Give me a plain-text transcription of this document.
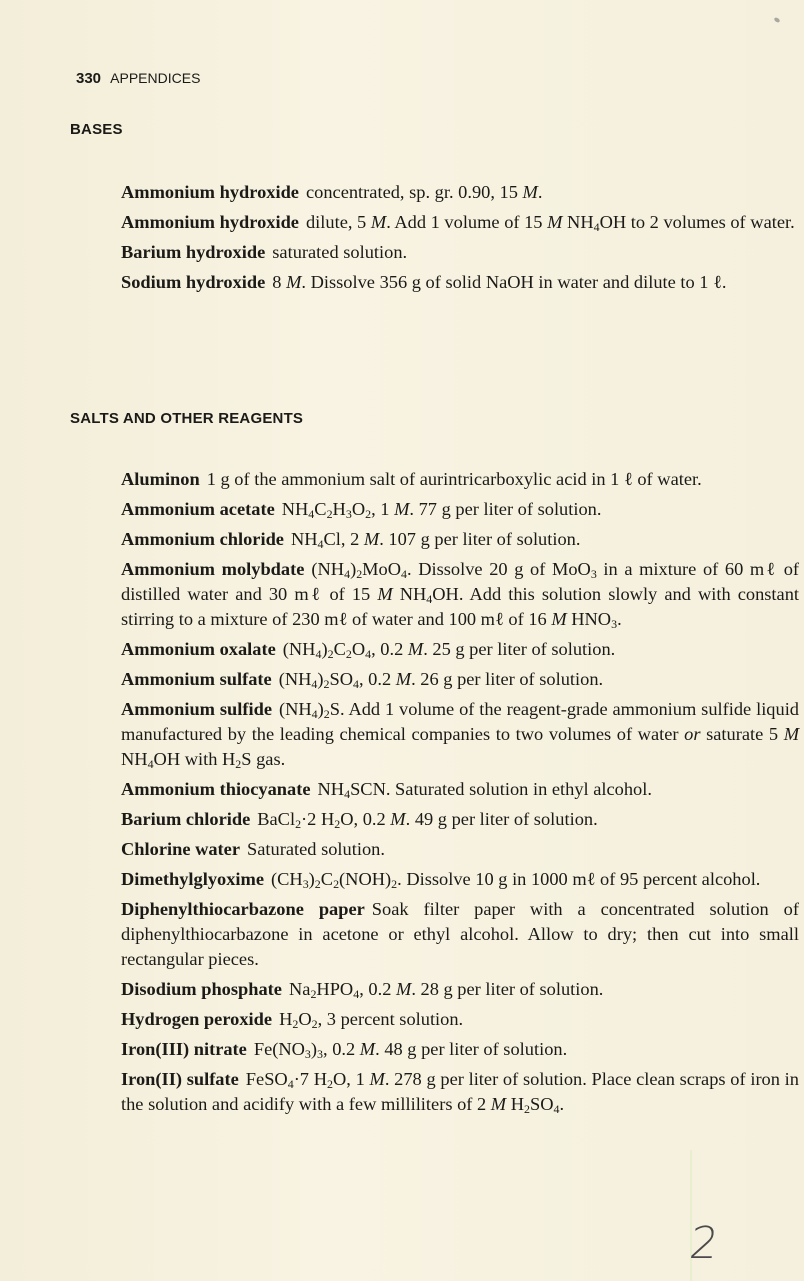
330 APPENDICES
BASES

Ammonium hydroxide concentrated, sp. gr. 0.90, 15 M.

Ammonium hydroxide dilute, 5 M. Add 1 volume of 15 M $NH_4OH$ to 2 volumes of water.

Barium hydroxide saturated solution.

Sodium hydroxide 8 M. Dissolve 356 g of solid NaOH in water and dilute to 1 ℓ.

SALTS AND OTHER REAGENTS

Aluminon 1 g of the ammonium salt of aurintricarboxylic acid in 1 ℓ of water.

Ammonium acetate $NH_4C_2H_3O_2$, 1 M. 77 g per liter of solution.

Ammonium chloride $NH_4Cl$, 2 M. 107 g per liter of solution.

Ammonium molybdate $(NH_4)_2MoO_4$. Dissolve 20 g of MoO$_3$ in a mixture of 60 mℓ of distilled water and 30 mℓ of 15 M $NH_4OH$. Add this solution slowly and with constant stirring to a mixture of 230 mℓ of water and 100 mℓ of 16 M $HNO_3$.

Ammonium oxalate $(NH_4)_2C_2O_4$, 0.2 M. 25 g per liter of solution.

Ammonium sulfate $(NH_4)_2SO_4$, 0.2 M. 26 g per liter of solution.

Ammonium sulfide $(NH_4)_2S$. Add 1 volume of the reagent-grade ammonium sulfide liquid manufactured by the leading chemical companies to two volumes of water or saturate 5 M $NH_4OH$ with $H_2S$ gas.

Ammonium thiocyanate $NH_4SCN$. Saturated solution in ethyl alcohol.

Barium chloride BaCl$_2$·2 $H_2O$, 0.2 M. 49 g per liter of solution.

Chlorine water Saturated solution.

Dimethylglyoxime $(CH_3)_2C_2(NOH)_2$. Dissolve 10 g in 1000 mℓ of 95 percent alcohol.

Diphenylthiocarbazone paper Soak filter paper with a concentrated solution of diphenylthiocarbazone in acetone or ethyl alcohol. Allow to dry; then cut into small rectangular pieces.

Disodium phosphate $Na_2HPO_4$, 0.2 M. 28 g per liter of solution.

Hydrogen peroxide $H_2O_2$, 3 percent solution.

Iron(III) nitrate $Fe(NO_3)_3$, 0.2 M. 48 g per liter of solution.

Iron(II) sulfate FeSO$_4$·7 $H_2O$, 1 M. 278 g per liter of solution. Place clean scraps of iron in the solution and acidify with a few milliliters of 2 M $H_2SO_4$.

2
